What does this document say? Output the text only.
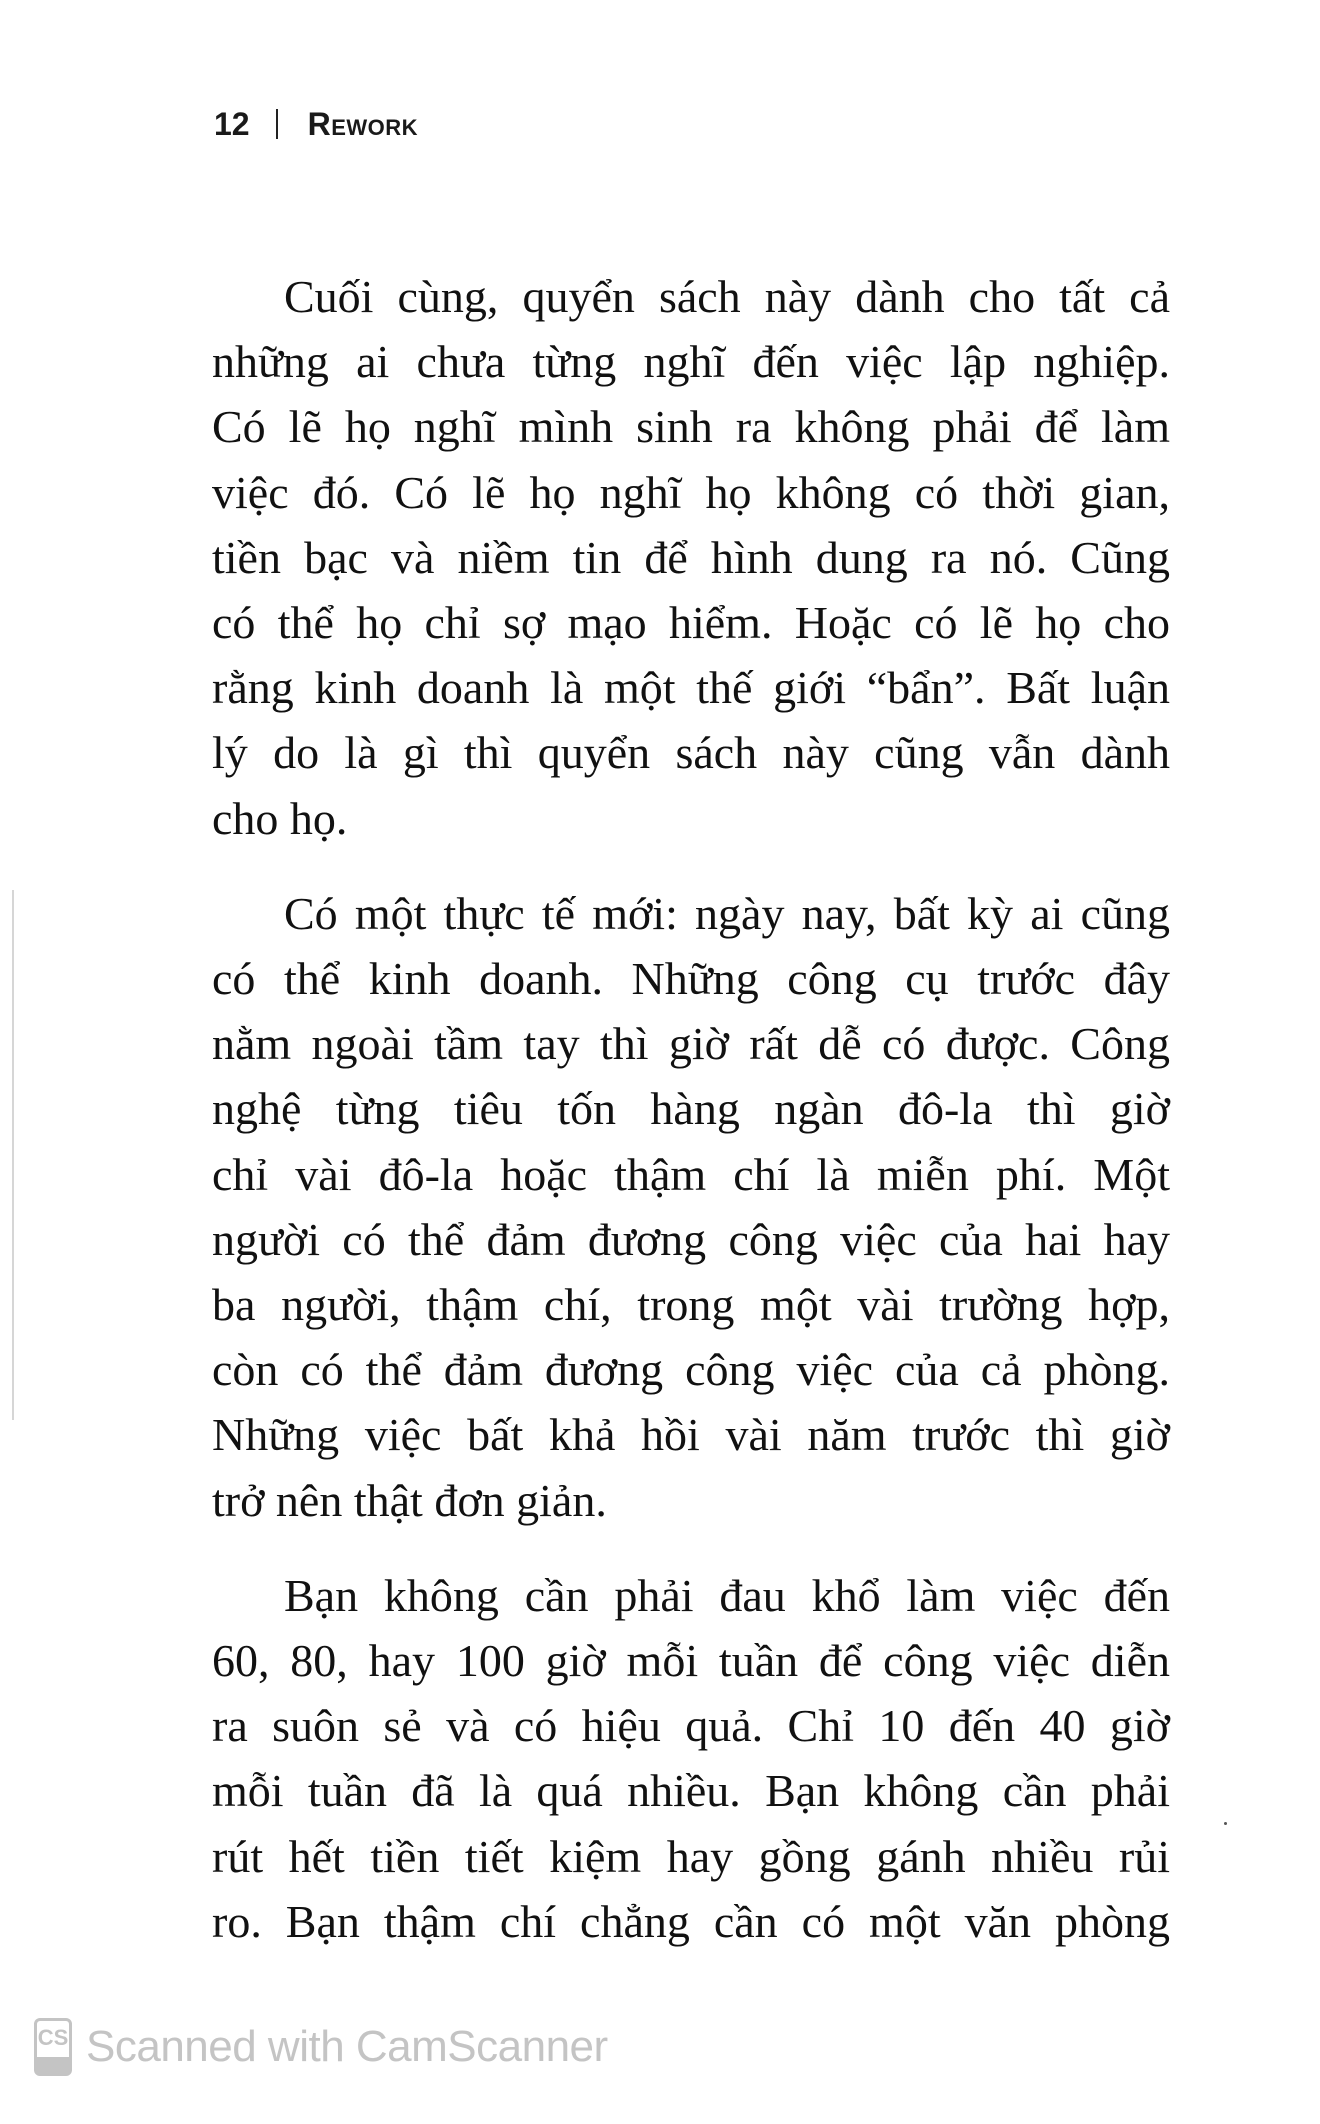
12 Rework
Cuối cùng, quyển sách này dành cho tất cả
những ai chưa từng nghĩ đến việc lập nghiệp.
Có lẽ họ nghĩ mình sinh ra không phải để làm
việc đó. Có lẽ họ nghĩ họ không có thời gian,
tiền bạc và niềm tin để hình dung ra nó. Cũng
có thể họ chỉ sợ mạo hiểm. Hoặc có lẽ họ cho
rằng kinh doanh là một thế giới “bẩn”. Bất luận
lý do là gì thì quyển sách này cũng vẫn dành
cho họ.
Có một thực tế mới: ngày nay, bất kỳ ai cũng
có thể kinh doanh. Những công cụ trước đây
nằm ngoài tầm tay thì giờ rất dễ có được. Công
nghệ từng tiêu tốn hàng ngàn đô-la thì giờ
chỉ vài đô-la hoặc thậm chí là miễn phí. Một
người có thể đảm đương công việc của hai hay
ba người, thậm chí, trong một vài trường hợp,
còn có thể đảm đương công việc của cả phòng.
Những việc bất khả hồi vài năm trước thì giờ
trở nên thật đơn giản.
Bạn không cần phải đau khổ làm việc đến
60, 80, hay 100 giờ mỗi tuần để công việc diễn
ra suôn sẻ và có hiệu quả. Chỉ 10 đến 40 giờ
mỗi tuần đã là quá nhiều. Bạn không cần phải
rút hết tiền tiết kiệm hay gồng gánh nhiều rủi
ro. Bạn thậm chí chẳng cần có một văn phòng
CS Scanned with CamScanner
